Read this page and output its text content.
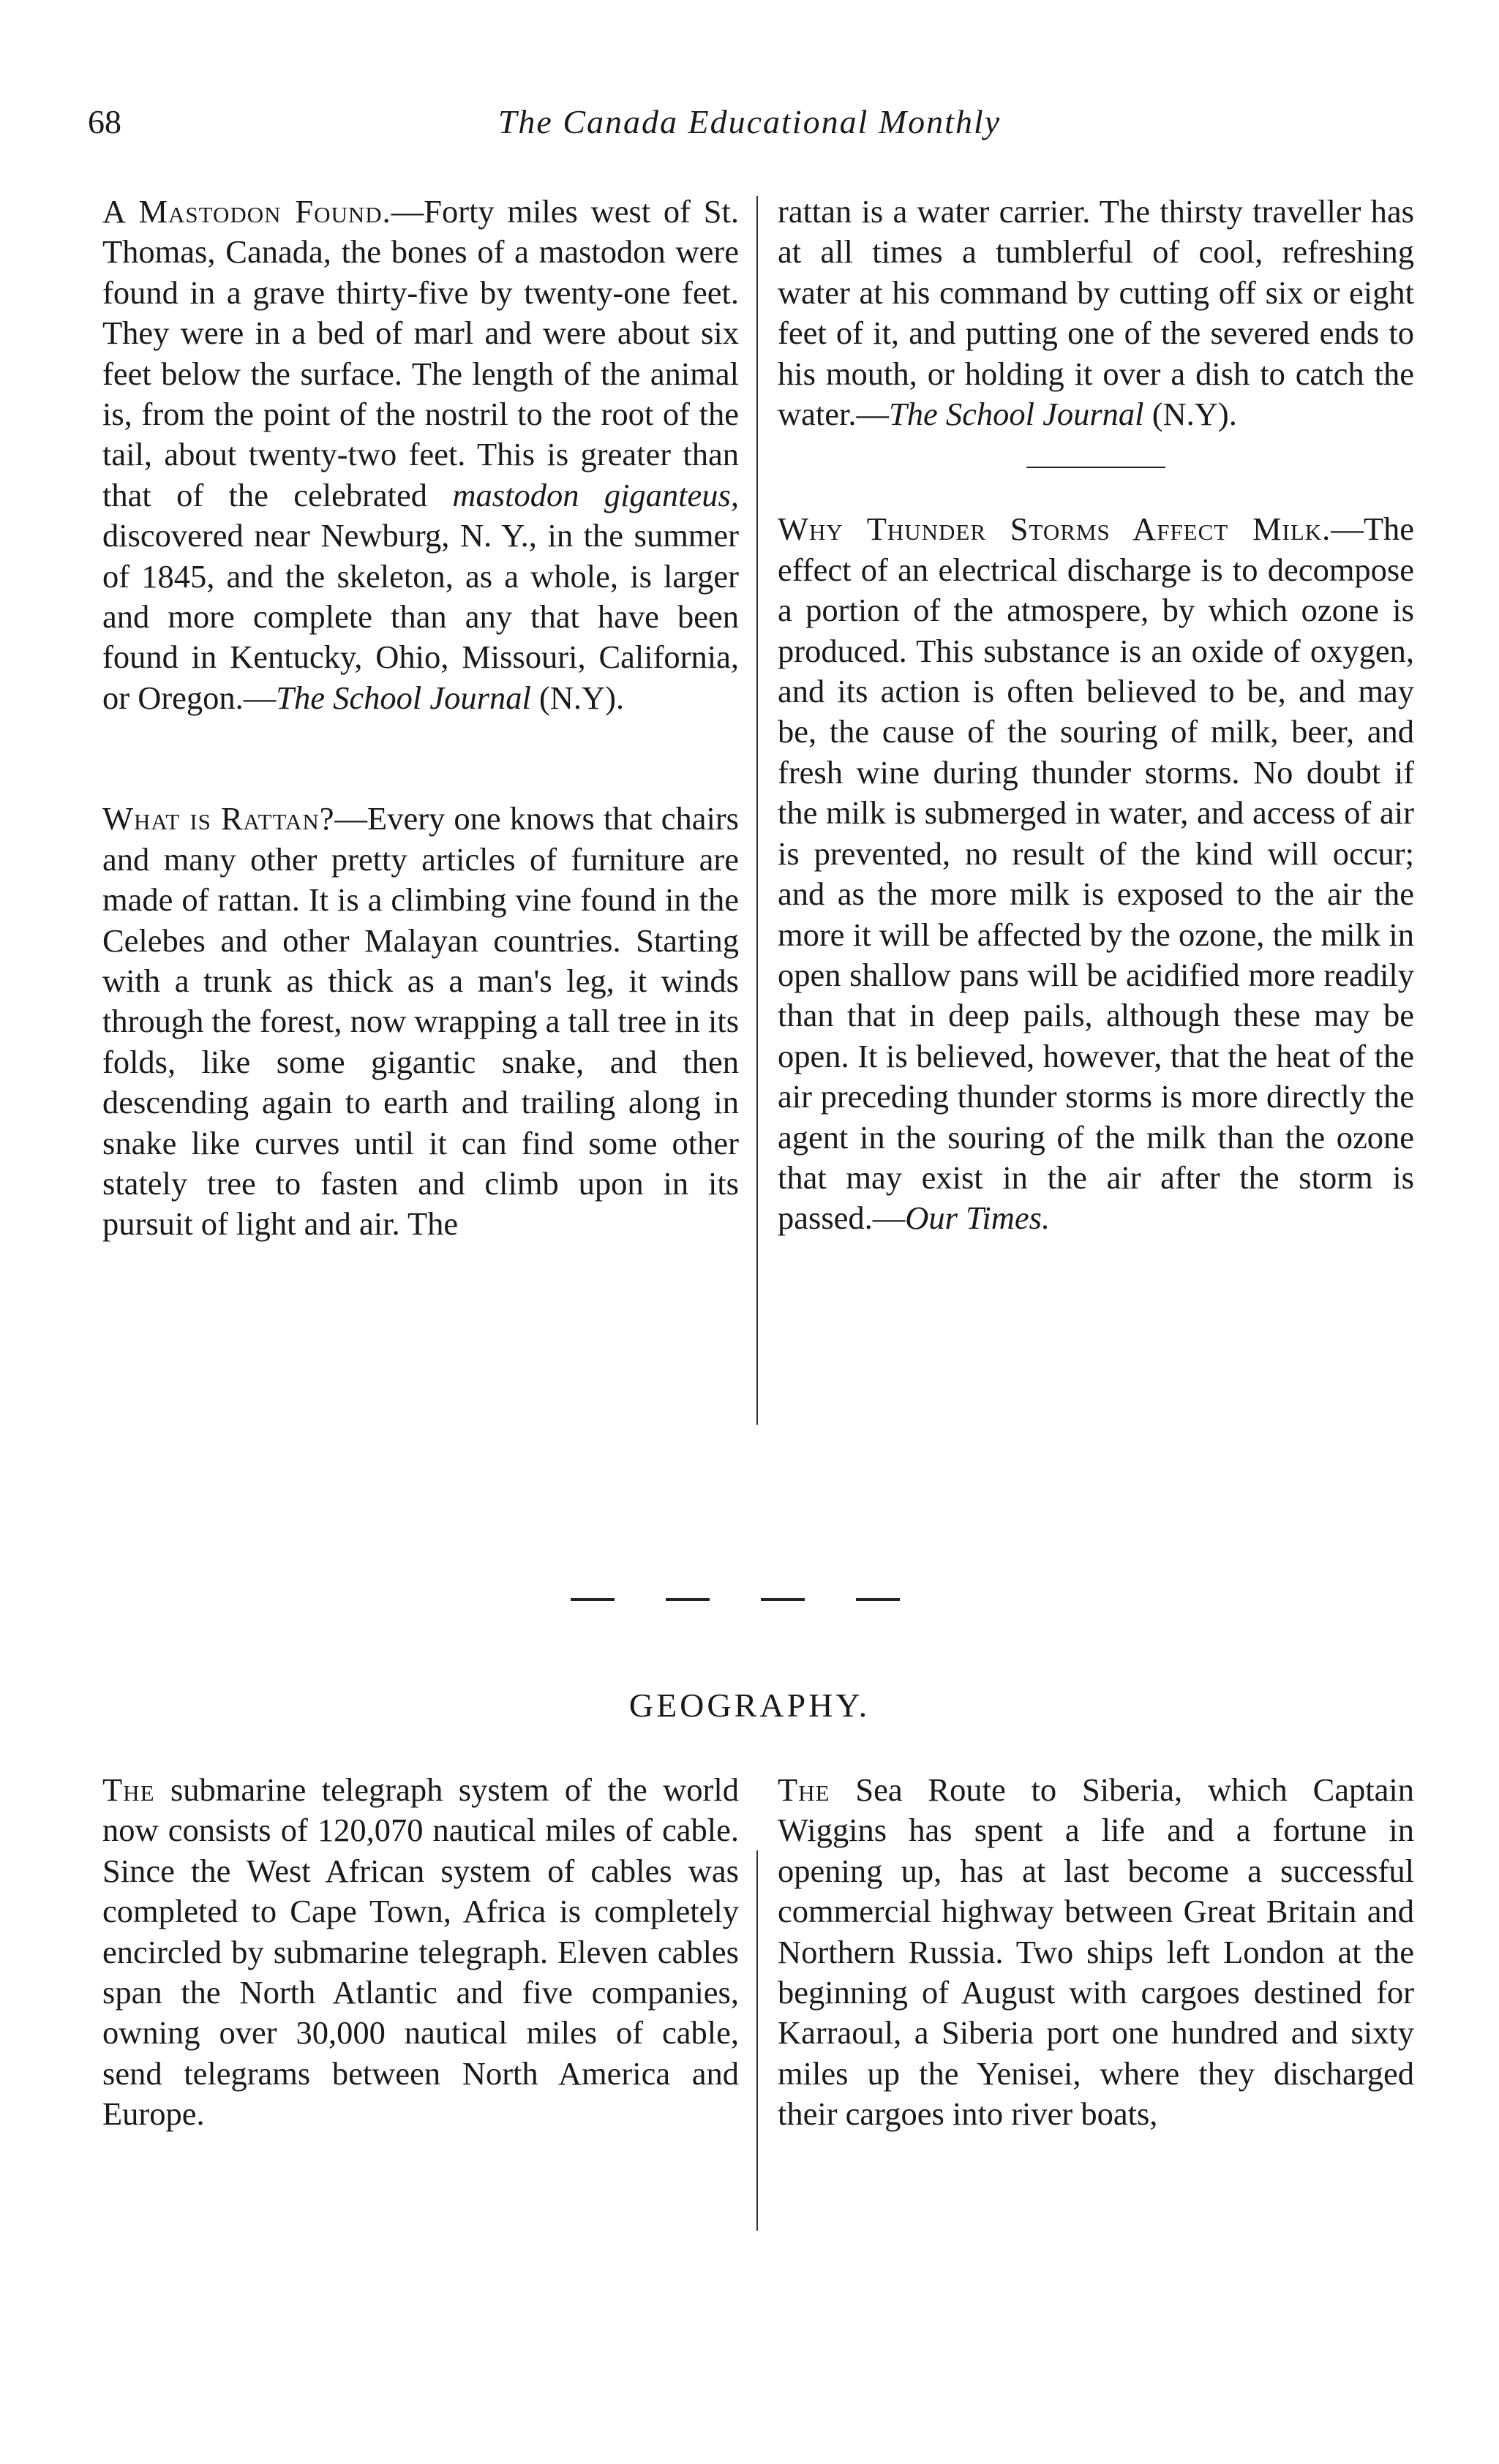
68	The Canada Educational Monthly

A Mastodon Found.—Forty miles west of St. Thomas, Canada, the bones of a mastodon were found in a grave thirty-five by twenty-one feet. They were in a bed of marl and were about six feet below the surface. The length of the animal is, from the point of the nostril to the root of the tail, about twenty-two feet. This is greater than that of the celebrated mastodon giganteus, discovered near Newburg, N. Y., in the summer of 1845, and the skeleton, as a whole, is larger and more complete than any that have been found in Kentucky, Ohio, Missouri, California, or Oregon.—The School Journal (N.Y).

What is Rattan?—Every one knows that chairs and many other pretty articles of furniture are made of rattan. It is a climbing vine found in the Celebes and other Malayan countries. Starting with a trunk as thick as a man's leg, it winds through the forest, now wrapping a tall tree in its folds, like some gigantic snake, and then descending again to earth and trailing along in snake like curves until it can find some other stately tree to fasten and climb upon in its pursuit of light and air. The

rattan is a water carrier. The thirsty traveller has at all times a tumblerful of cool, refreshing water at his command by cutting off six or eight feet of it, and putting one of the severed ends to his mouth, or holding it over a dish to catch the water.—The School Journal (N.Y).

Why Thunder Storms Affect Milk.—The effect of an electrical discharge is to decompose a portion of the atmospere, by which ozone is produced. This substance is an oxide of oxygen, and its action is often believed to be, and may be, the cause of the souring of milk, beer, and fresh wine during thunder storms. No doubt if the milk is submerged in water, and access of air is prevented, no result of the kind will occur; and as the more milk is exposed to the air the more it will be affected by the ozone, the milk in open shallow pans will be acidified more readily than that in deep pails, although these may be open. It is believed, however, that the heat of the air preceding thunder storms is more directly the agent in the souring of the milk than the ozone that may exist in the air after the storm is passed.—Our Times.

GEOGRAPHY.

The submarine telegraph system of the world now consists of 120,070 nautical miles of cable. Since the West African system of cables was completed to Cape Town, Africa is completely encircled by submarine telegraph. Eleven cables span the North Atlantic and five companies, owning over 30,000 nautical miles of cable, send telegrams between North America and Europe.

The Sea Route to Siberia, which Captain Wiggins has spent a life and a fortune in opening up, has at last become a successful commercial highway between Great Britain and Northern Russia. Two ships left London at the beginning of August with cargoes destined for Karraoul, a Siberia port one hundred and sixty miles up the Yenisei, where they discharged their cargoes into river boats,
